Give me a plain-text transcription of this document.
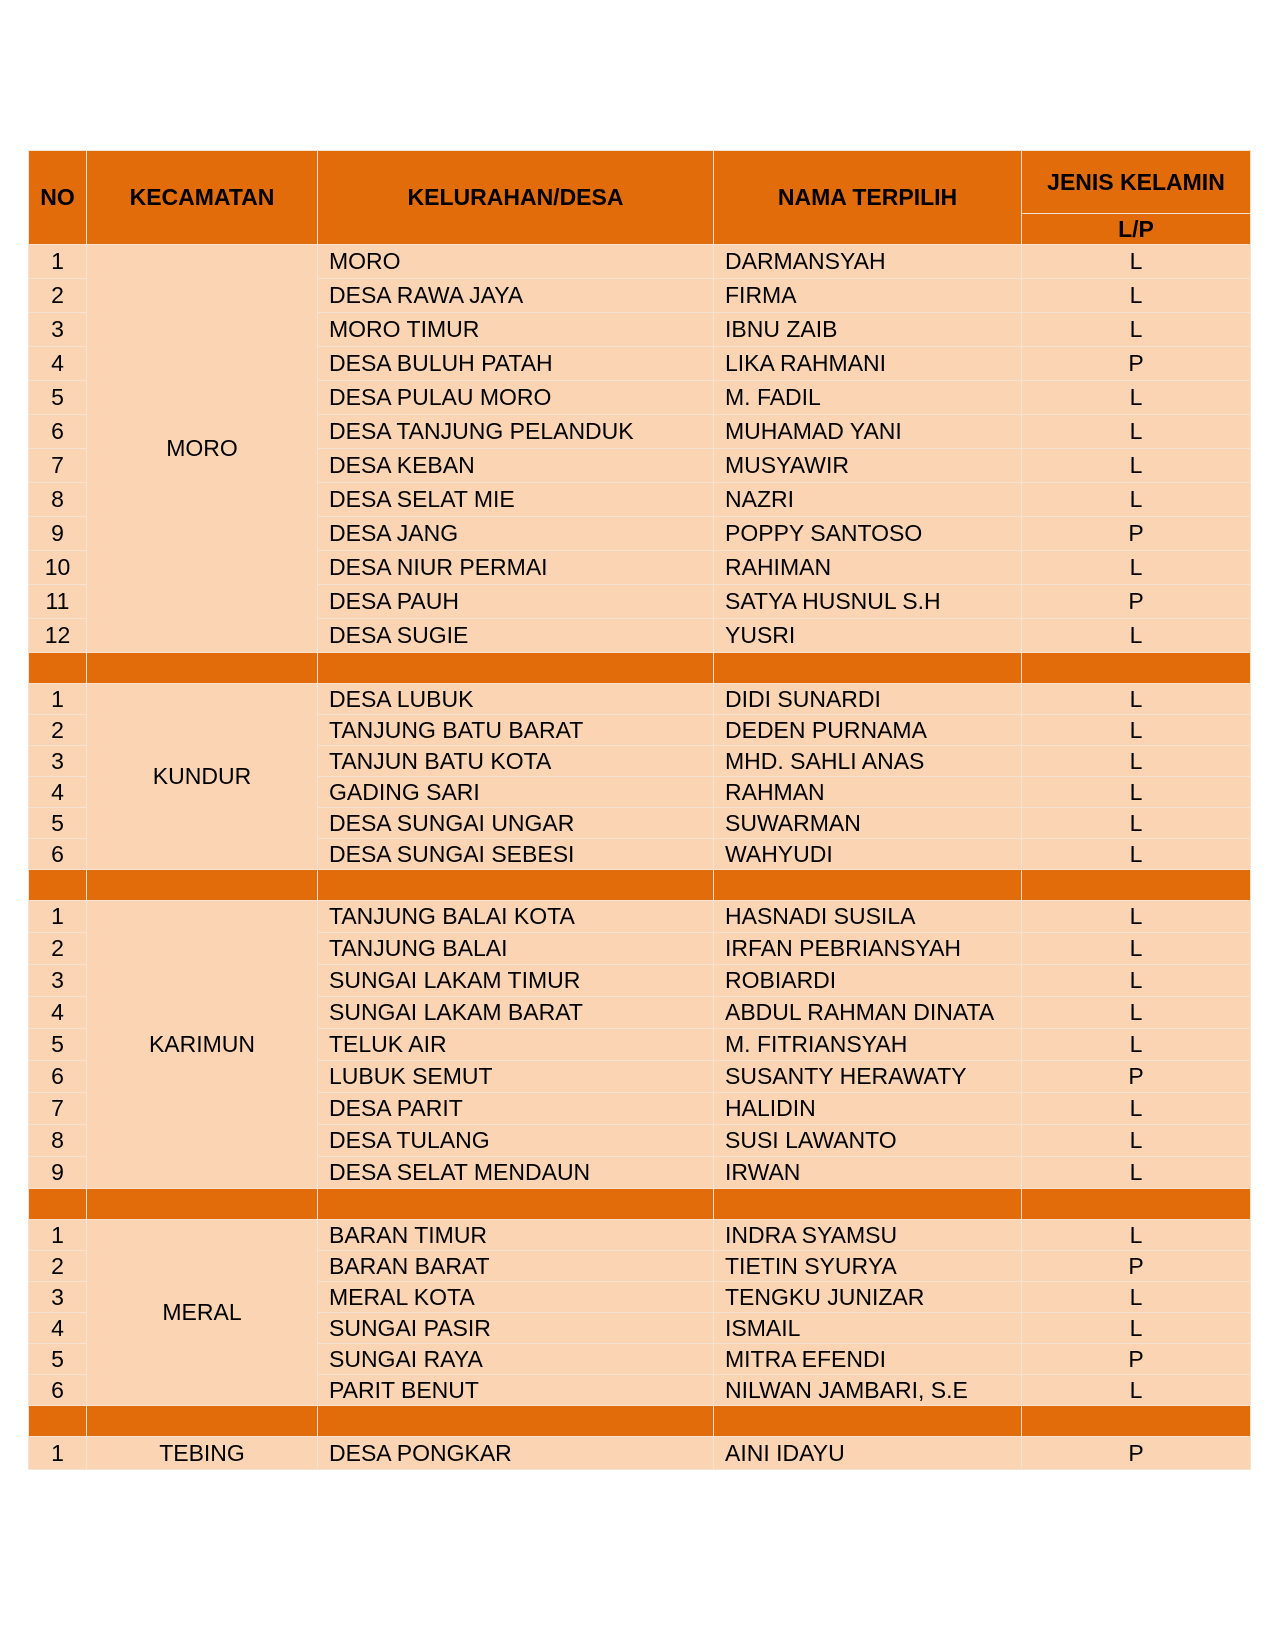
NO	KECAMATAN	KELURAHAN/DESA	NAMA TERPILIH	JENIS KELAMIN
				L/P
1	MORO	MORO	DARMANSYAH	L
2		DESA RAWA JAYA	FIRMA	L
3		MORO TIMUR	IBNU ZAIB	L
4		DESA BULUH PATAH	LIKA RAHMANI	P
5		DESA PULAU MORO	M. FADIL	L
6		DESA TANJUNG PELANDUK	MUHAMAD YANI	L
7		DESA KEBAN	MUSYAWIR	L
8		DESA SELAT MIE	NAZRI	L
9		DESA JANG	POPPY SANTOSO	P
10		DESA NIUR PERMAI	RAHIMAN	L
11		DESA PAUH	SATYA HUSNUL S.H	P
12		DESA SUGIE	YUSRI	L

1	KUNDUR	DESA LUBUK	DIDI SUNARDI	L
2		TANJUNG BATU BARAT	DEDEN PURNAMA	L
3		TANJUN BATU KOTA	MHD. SAHLI ANAS	L
4		GADING SARI	RAHMAN	L
5		DESA SUNGAI UNGAR	SUWARMAN	L
6		DESA SUNGAI SEBESI	WAHYUDI	L

1	KARIMUN	TANJUNG BALAI KOTA	HASNADI SUSILA	L
2		TANJUNG BALAI	IRFAN PEBRIANSYAH	L
3		SUNGAI LAKAM TIMUR	ROBIARDI	L
4		SUNGAI LAKAM BARAT	ABDUL RAHMAN DINATA	L
5		TELUK AIR	M. FITRIANSYAH	L
6		LUBUK SEMUT	SUSANTY HERAWATY	P
7		DESA PARIT	HALIDIN	L
8		DESA TULANG	SUSI LAWANTO	L
9		DESA SELAT MENDAUN	IRWAN	L

1	MERAL	BARAN TIMUR	INDRA SYAMSU	L
2		BARAN BARAT	TIETIN SYURYA	P
3		MERAL KOTA	TENGKU JUNIZAR	L
4		SUNGAI PASIR	ISMAIL	L
5		SUNGAI RAYA	MITRA EFENDI	P
6		PARIT BENUT	NILWAN JAMBARI, S.E	L

1	TEBING	DESA PONGKAR	AINI IDAYU	P
